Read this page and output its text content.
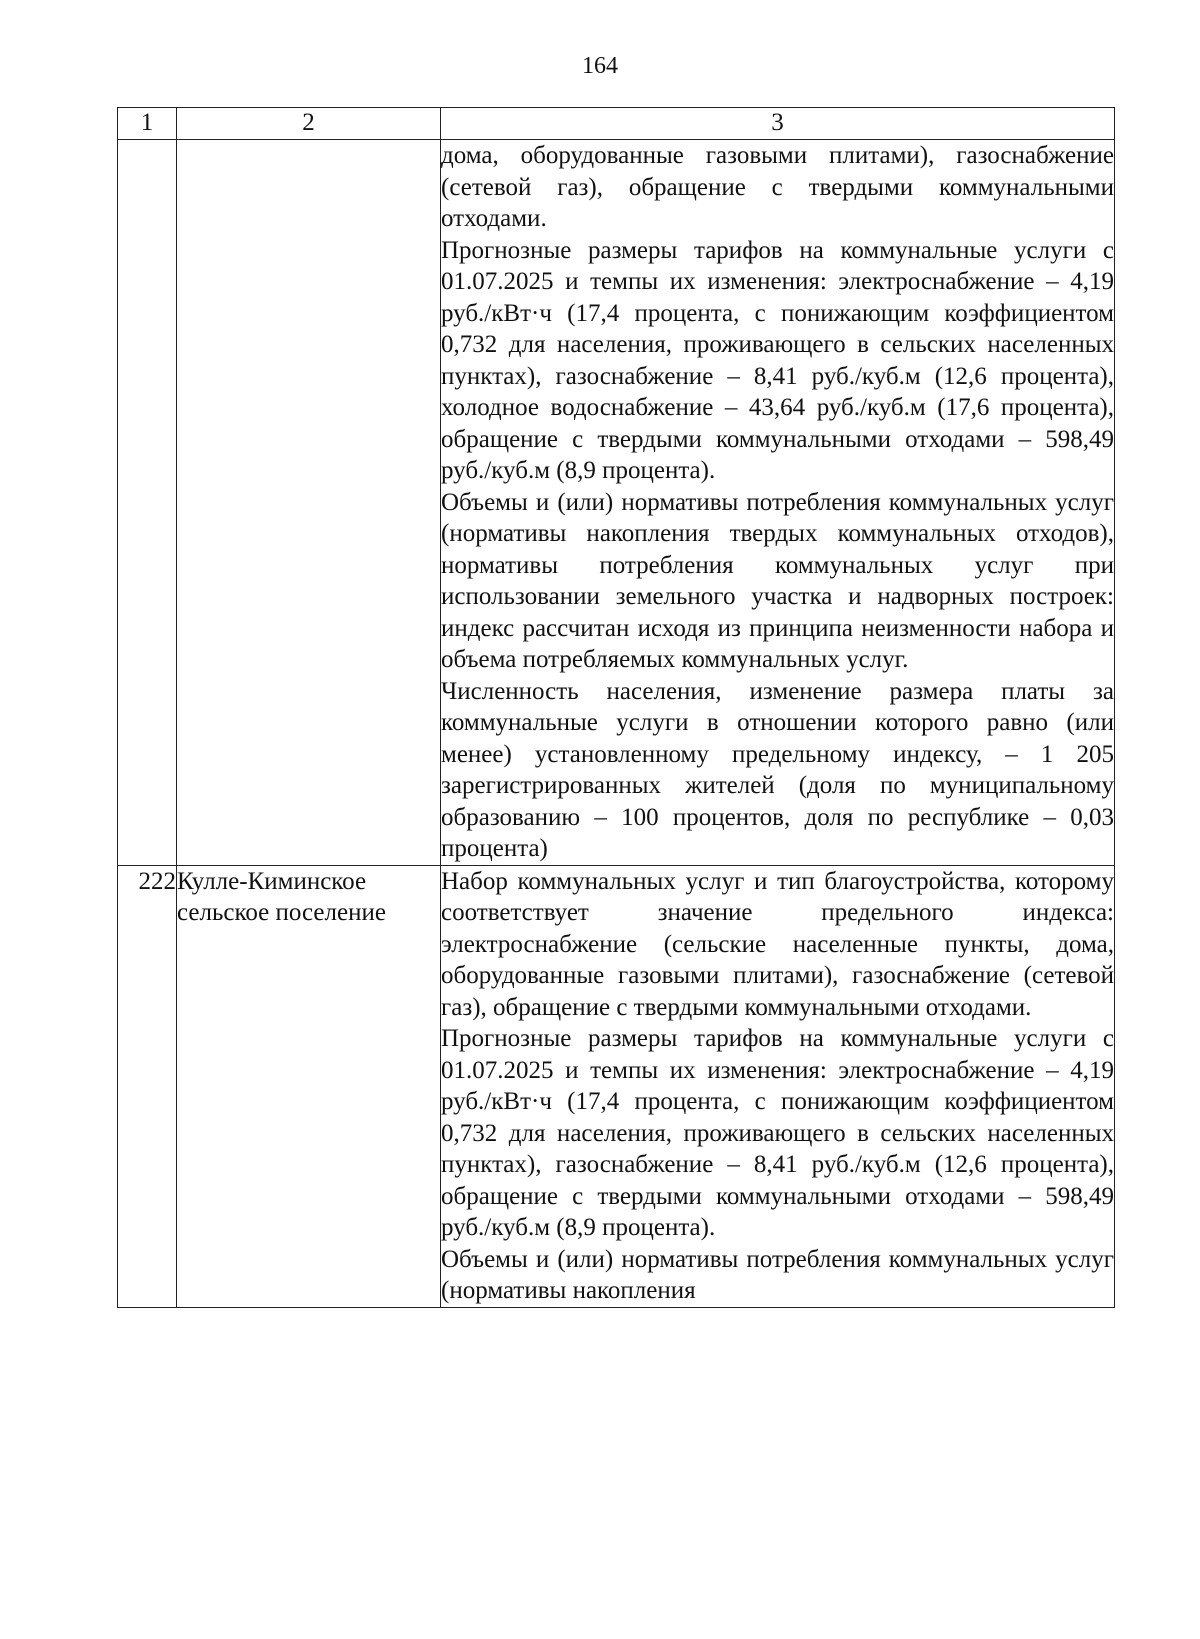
164
1	2	3

		дома, оборудованные газовыми плитами), газоснабжение (сетевой газ), обращение с твердыми коммунальными отходами.

Прогнозные размеры тарифов на коммунальные услуги с 01.07.2025 и темпы их изменения: электроснабжение – 4,19 руб./кВт·ч (17,4 процента, с понижающим коэффициентом 0,732 для населения, проживающего в сельских населенных пунктах), газоснабжение – 8,41 руб./куб.м (12,6 процента), холодное водоснабжение – 43,64 руб./куб.м (17,6 процента), обращение с твердыми коммунальными отходами – 598,49 руб./куб.м (8,9 процента).

Объемы и (или) нормативы потребления коммунальных услуг (нормативы накопления твердых коммунальных отходов), нормативы потребления коммунальных услуг при использовании земельного участка и надворных построек: индекс рассчитан исходя из принципа неизменности набора и объема потребляемых коммунальных услуг.

Численность населения, изменение размера платы за коммунальные услуги в отношении которого равно (или менее) установленному предельному индексу, – 1 205 зарегистрированных жителей (доля по муниципальному образованию – 100 процентов, доля по республике – 0,03 процента)

222	Кулле-Киминское сельское поселение	Набор коммунальных услуг и тип благоустройства, которому соответствует значение предельного индекса: электроснабжение (сельские населенные пункты, дома, оборудованные газовыми плитами), газоснабжение (сетевой газ), обращение с твердыми коммунальными отходами.

Прогнозные размеры тарифов на коммунальные услуги с 01.07.2025 и темпы их изменения: электроснабжение – 4,19 руб./кВт·ч (17,4 процента, с понижающим коэффициентом 0,732 для населения, проживающего в сельских населенных пунктах), газоснабжение – 8,41 руб./куб.м (12,6 процента), обращение с твердыми коммунальными отходами – 598,49 руб./куб.м (8,9 процента).

Объемы и (или) нормативы потребления коммунальных услуг (нормативы накопления
